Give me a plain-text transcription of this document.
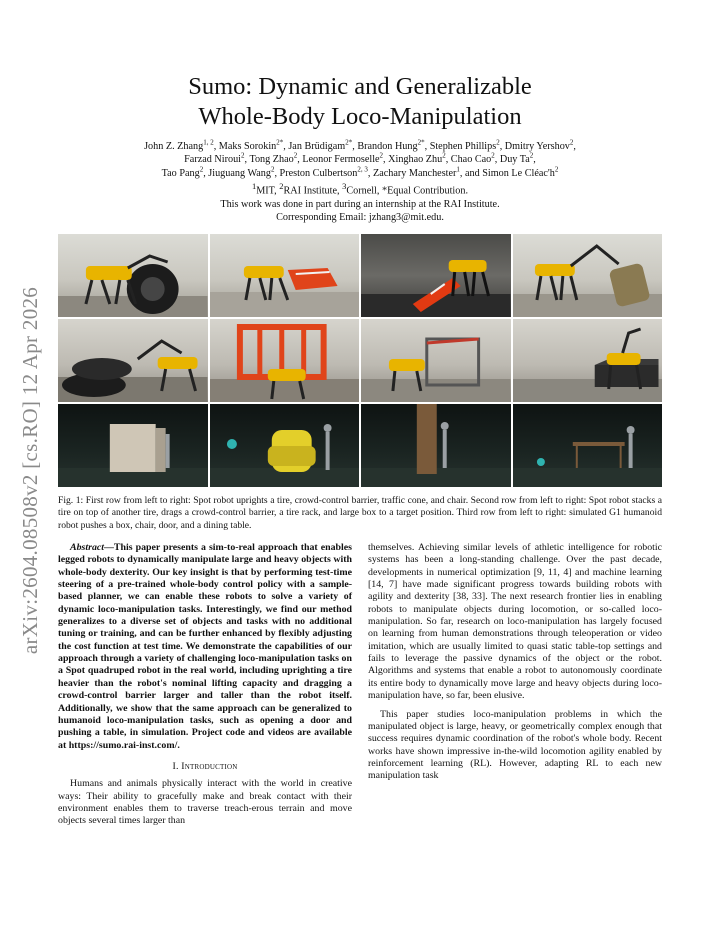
arXiv:2604.08508v2 [cs.RO] 12 Apr 2026
Sumo: Dynamic and Generalizable
Whole-Body Loco-Manipulation
John Z. Zhang$^{1, 2}$, Maks Sorokin$^{2*}$, Jan Brüdigam$^{2*}$, Brandon Hung$^{2*}$, Stephen Phillips$^2$, Dmitry Yershov$^2$,
Farzad Niroui$^2$, Tong Zhao$^2$, Leonor Fermoselle$^2$, Xinghao Zhu$^2$, Chao Cao$^2$, Duy Ta$^2$,
Tao Pang$^2$, Jiuguang Wang$^2$, Preston Culbertson$^{2, 3}$, Zachary Manchester$^1$, and Simon Le $Cléac'h^2$
$^1$MIT, $^2$RAI Institute, $^3$Cornell, *Equal Contribution.
This work was done in part during an internship at the RAI Institute.
Corresponding Email: jzhang3@mit.edu.

Fig. 1: First row from left to right: Spot robot uprights a tire, crowd-control barrier, traffic cone, and chair. Second row from left to right: Spot robot stacks a tire on top of another tire, drags a crowd-control barrier, a tire rack, and large box to a target position. Third row from left to right: simulated G1 humanoid robot pushes a box, chair, door, and a dining table.

Abstract—This paper presents a sim-to-real approach that enables legged robots to dynamically manipulate large and heavy objects with whole-body dexterity. Our key insight is that by performing test-time steering of a pre-trained whole-body control policy with a sample-based planner, we can enable these robots to solve a variety of dynamic loco-manipulation tasks. Interestingly, we find our method generalizes to a diverse set of objects and tasks with no additional tuning or training, and can be further enhanced by flexibly adjusting the cost function at test time. We demonstrate the capabilities of our approach through a variety of challenging loco-manipulation tasks on a Spot quadruped robot in the real world, including uprighting a tire heavier than the robot's nominal lifting capacity and dragging a crowd-control barrier larger and taller than the robot itself. Additionally, we show that the same approach can be generalized to humanoid loco-manipulation tasks, such as opening a door and pushing a table, in simulation. Project code and videos are available at https://sumo.rai-inst.com/.

I. Introduction

Humans and animals physically interact with the world in creative ways: Their ability to gracefully make and break contact with their environment enables them to traverse treach-erous terrain and move objects several times larger than

themselves. Achieving similar levels of athletic intelligence for robotic systems has been a long-standing challenge. Over the past decade, developments in numerical optimization [9, 11, 4] and machine learning [14, 7] have made significant progress towards building robots with agility and dexterity [38, 33]. The next research frontier lies in enabling robots to manipulate objects during locomotion, or so-called loco-manipulation. So far, research on loco-manipulation has largely focused on learning from human demonstrations through teleoperation or video imitation, which are usually limited to quasi static table-top settings and fails to leverage the passive dynamics of the object or the robot. Algorithms and systems that enable a robot to autonomously coordinate its entire body to dynamically move large and heavy objects during loco-manipulation have, so far, been elusive.

This paper studies loco-manipulation problems in which the manipulated object is large, heavy, or geometrically complex enough that success requires dynamic coordination of the robot's whole body. Recent works have shown impressive in-the-wild locomotion agility enabled by reinforcement learning (RL). However, adapting RL to each new manipulation task
